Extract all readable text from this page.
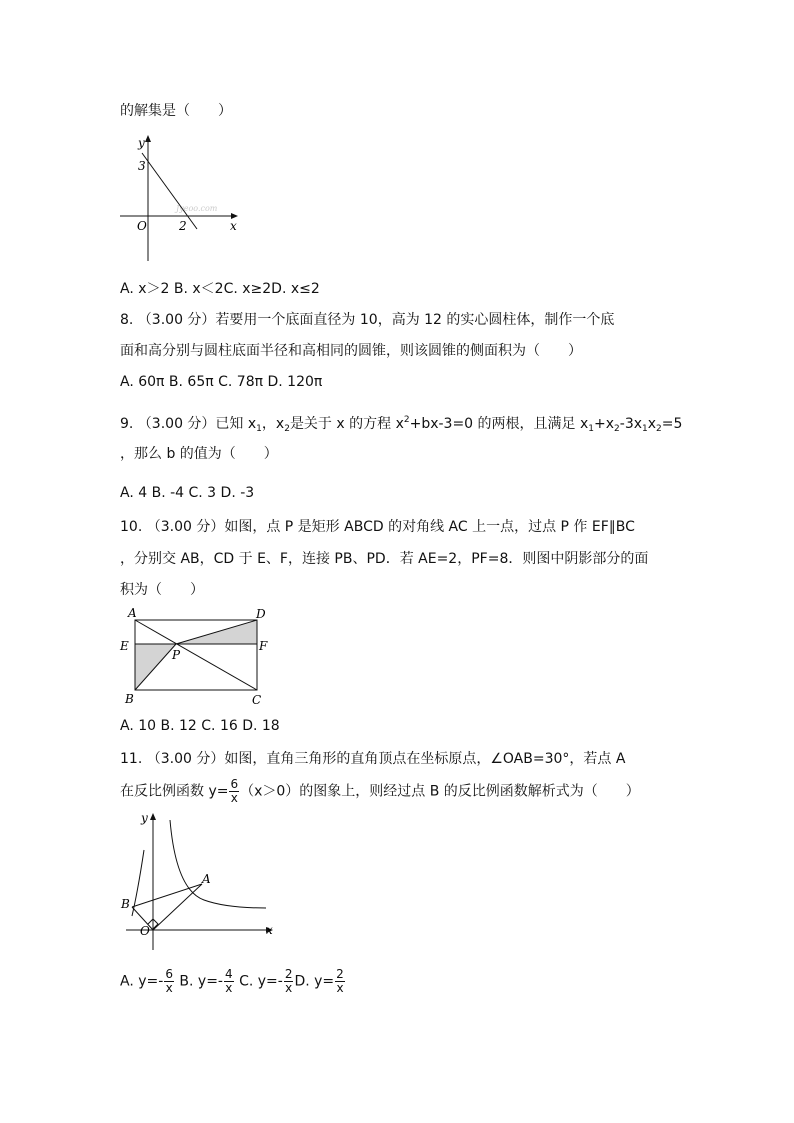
的解集是（　　）
Jyeoo.com
y
x
O
3
2
A. x＞2 B. x＜2C. x≥2D. x≤2
8. （3.00 分）若要用一个底面直径为 10，高为 12 的实心圆柱体，制作一个底
面和高分别与圆柱底面半径和高相同的圆锥，则该圆锥的侧面积为（　　）
A. 60π B. 65π C. 78π D. 120π
9. （3.00 分）已知 $x_1$，$x_2$是关于 x 的方程 $x^2+bx-3=0$ 的两根，且满足 $x_1+x_2-3x_1x_2=5$
，那么 b 的值为（　　）
A. 4 B. -4 C. 3 D. -3
10. （3.00 分）如图，点 P 是矩形 ABCD 的对角线 AC 上一点，过点 P 作 EF∥BC
，分别交 AB，CD 于 E、F，连接 PB、PD．若 AE=2，PF=8．则图中阴影部分的面
积为（　　）
A	D
E	F
P
B	C
A. 10 B. 12 C. 16 D. 18
11. （3.00 分）如图，直角三角形的直角顶点在坐标原点，∠OAB=30°，若点 A
在反比例函数 $y= \frac{6}{x} (x>0)$的图象上，则经过点 B 的反比例函数解析式为（　　）
y
x
O
A
B
A. $y=- \frac{6}{x} B$. $y=- \frac{4}{x} C$. $y=- \frac{2}{x} D$. $y= \frac{2}{x}$
